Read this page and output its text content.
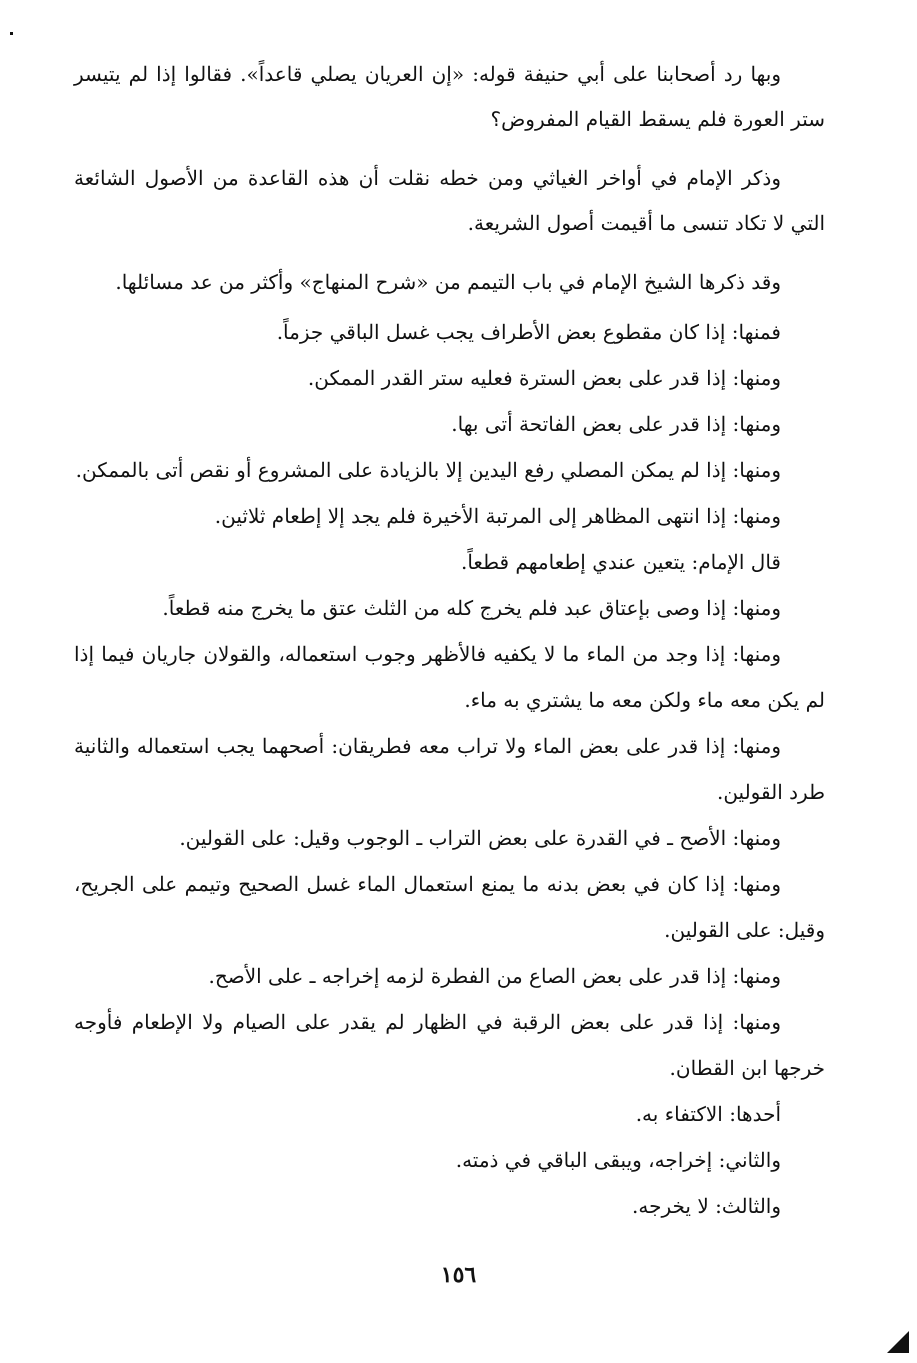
وبها رد أصحابنا على أبي حنيفة قوله: «إن العريان يصلي قاعداً». فقالوا إذا لم يتيسر ستر العورة فلم يسقط القيام المفروض؟

وذكر الإمام في أواخر الغياثي ومن خطه نقلت أن هذه القاعدة من الأصول الشائعة التي لا تكاد تنسى ما أقيمت أصول الشريعة.

وقد ذكرها الشيخ الإمام في باب التيمم من «شرح المنهاج» وأكثر من عد مسائلها.

فمنها: إذا كان مقطوع بعض الأطراف يجب غسل الباقي جزماً.

ومنها: إذا قدر على بعض السترة فعليه ستر القدر الممكن.

ومنها: إذا قدر على بعض الفاتحة أتى بها.

ومنها: إذا لم يمكن المصلي رفع اليدين إلا بالزيادة على المشروع أو نقص أتى بالممكن.

ومنها: إذا انتهى المظاهر إلى المرتبة الأخيرة فلم يجد إلا إطعام ثلاثين.

قال الإمام: يتعين عندي إطعامهم قطعاً.

ومنها: إذا وصى بإعتاق عبد فلم يخرج كله من الثلث عتق ما يخرج منه قطعاً.

ومنها: إذا وجد من الماء ما لا يكفيه فالأظهر وجوب استعماله، والقولان جاريان فيما إذا لم يكن معه ماء ولكن معه ما يشتري به ماء.

ومنها: إذا قدر على بعض الماء ولا تراب معه فطريقان: أصحهما يجب استعماله والثانية طرد القولين.

ومنها: الأصح ـ في القدرة على بعض التراب ـ الوجوب وقيل: على القولين.

ومنها: إذا كان في بعض بدنه ما يمنع استعمال الماء غسل الصحيح وتيمم على الجريح، وقيل: على القولين.

ومنها: إذا قدر على بعض الصاع من الفطرة لزمه إخراجه ـ على الأصح.

ومنها: إذا قدر على بعض الرقبة في الظهار لم يقدر على الصيام ولا الإطعام فأوجه خرجها ابن القطان.

أحدها: الاكتفاء به.

والثاني: إخراجه، ويبقى الباقي في ذمته.

والثالث: لا يخرجه.

١٥٦
